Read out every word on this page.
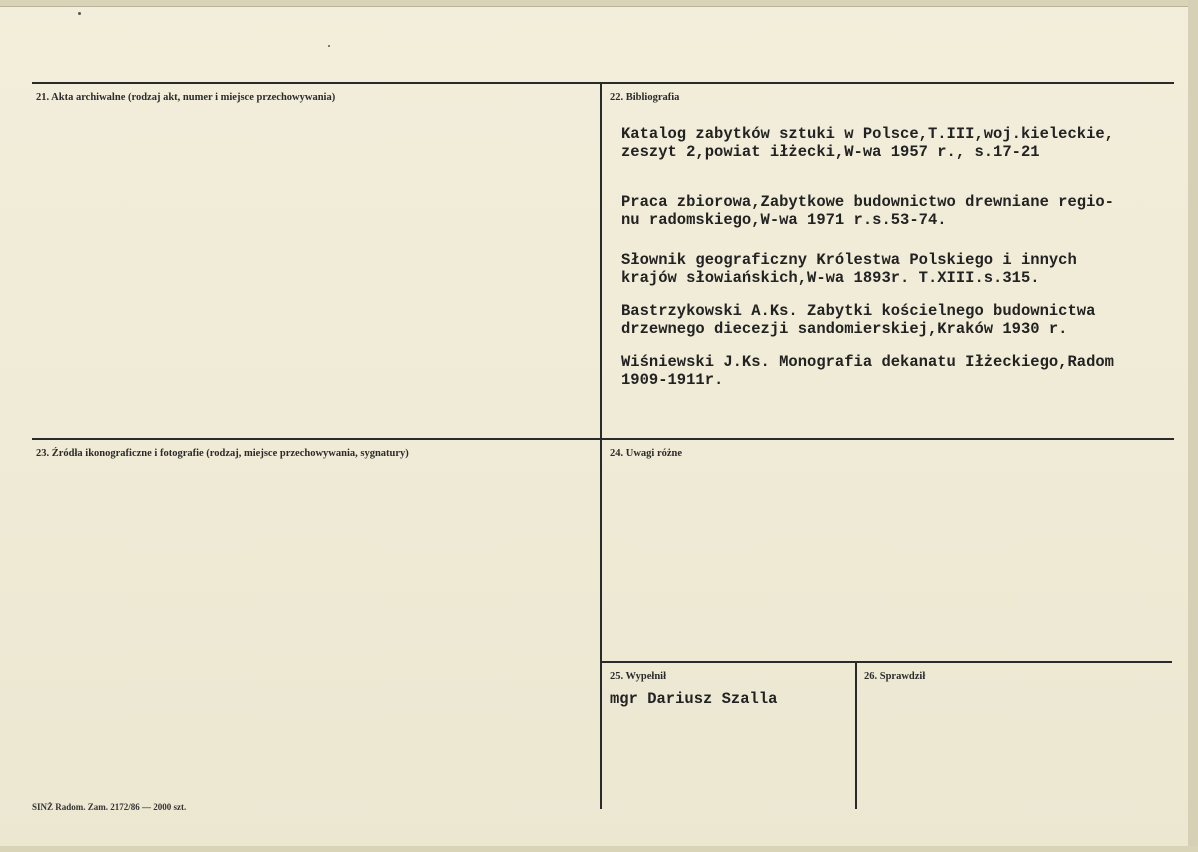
21. Akta archiwalne (rodzaj akt, numer i miejsce przechowywania)	22. Bibliografia
Katalog zabytków sztuki w Polsce,T.III,woj.kieleckie,
zeszyt 2,powiat iłżecki,W-wa 1957 r., s.17-21
Praca zbiorowa,Zabytkowe budownictwo drewniane regio-
nu radomskiego,W-wa 1971 r.s.53-74.
Słownik geograficzny Królestwa Polskiego i innych
krajów słowiańskich,W-wa 1893r. T.XIII.s.315.
Bastrzykowski A.Ks. Zabytki kościelnego budownictwa
drzewnego diecezji sandomierskiej,Kraków 1930 r.
Wiśniewski J.Ks. Monografia dekanatu Iłżeckiego,Radom
1909-1911r.
23. Źródła ikonograficzne i fotografie (rodzaj, miejsce przechowywania, sygnatury)	24. Uwagi różne
25. Wypełnił
mgr Dariusz Szalla
26. Sprawdził
SINŻ Radom. Zam. 2172/86 — 2000 szt.
